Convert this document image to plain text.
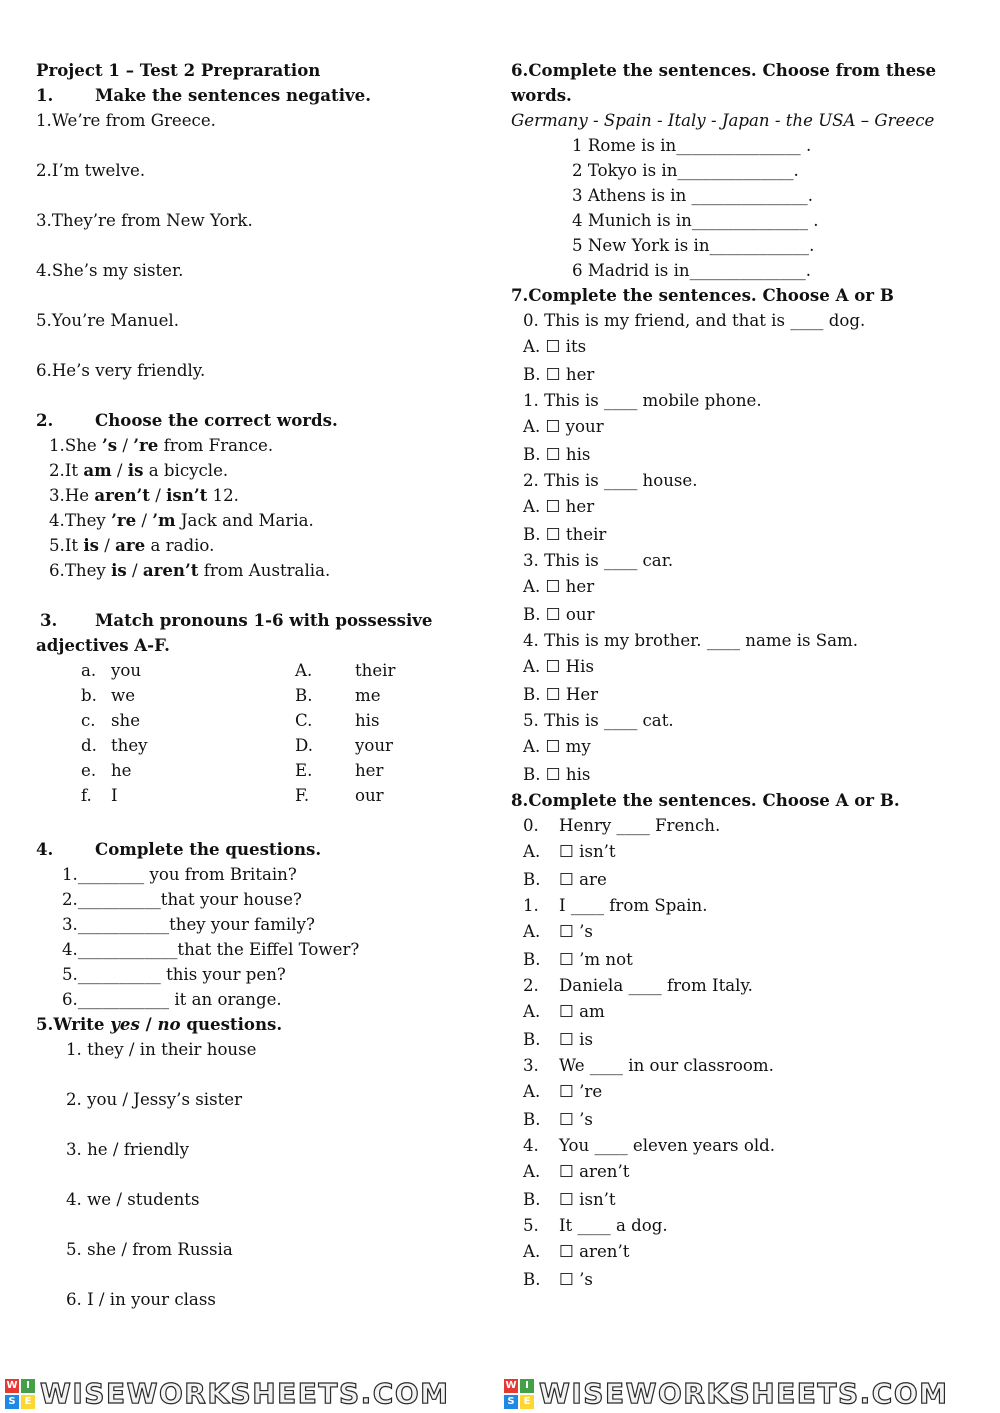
Project 1 – Test 2 Prepraration
1.	Make the sentences negative.
1.We’re from Greece.
2.I’m twelve.
3.They’re from New York.
4.She’s my sister.
5.You’re Manuel.
6.He’s very friendly.
2.	Choose the correct words.
1.She ’s / ’re from France.
2.It am / is a bicycle.
3.He aren’t / isn’t 12.
4.They ’re / ’m Jack and Maria.
5.It is / are a radio.
6.They is / aren’t from Australia.
3. Match pronouns 1-6 with possessive
adjectives A-F.
a. you	A.	their
b. we	B.	me
c. she	C.	his
d. they	D.	your
e. he	E.	her
f. I	F.	our
4.	Complete the questions.
1.________ you from Britain?
2.__________that your house?
3.___________they your family?
4.____________that the Eiffel Tower?
5.__________ this your pen?
6.___________ it an orange.
5.Write yes / no questions.
1. they / in their house
2. you / Jessy’s sister
3. he / friendly
4. we / students
5. she / from Russia
6. I / in your class
6.Complete the sentences. Choose from these
words.
Germany - Spain - Italy - Japan - the USA – Greece
1 Rome is in_______________ .
2 Tokyo is in______________.
3 Athens is in ______________.
4 Munich is in______________ .
5 New York is in____________.
6 Madrid is in______________.
7.Complete the sentences. Choose A or B
0. This is my friend, and that is ____ dog.
A. ☐ its
B. ☐ her
1. This is ____ mobile phone.
A. ☐ your
B. ☐ his
2. This is ____ house.
A. ☐ her
B. ☐ their
3. This is ____ car.
A. ☐ her
B. ☐ our
4. This is my brother. ____ name is Sam.
A. ☐ His
B. ☐ Her
5. This is ____ cat.
A. ☐ my
B. ☐ his
8.Complete the sentences. Choose A or B.
0. Henry ____ French.
A. ☐ isn’t
B. ☐ are
1. I ____ from Spain.
A. ☐ ’s
B. ☐ ’m not
2. Daniela ____ from Italy.
A. ☐ am
B. ☐ is
3. We ____ in our classroom.
A. ☐ ’re
B. ☐ ’s
4. You ____ eleven years old.
A. ☐ aren’t
B. ☐ isn’t
5. It ____ a dog.
A. ☐ aren’t
B. ☐ ’s
W I
S E WISEWORKSHEETS.COM	W I
S E WISEWORKSHEETS.COM
